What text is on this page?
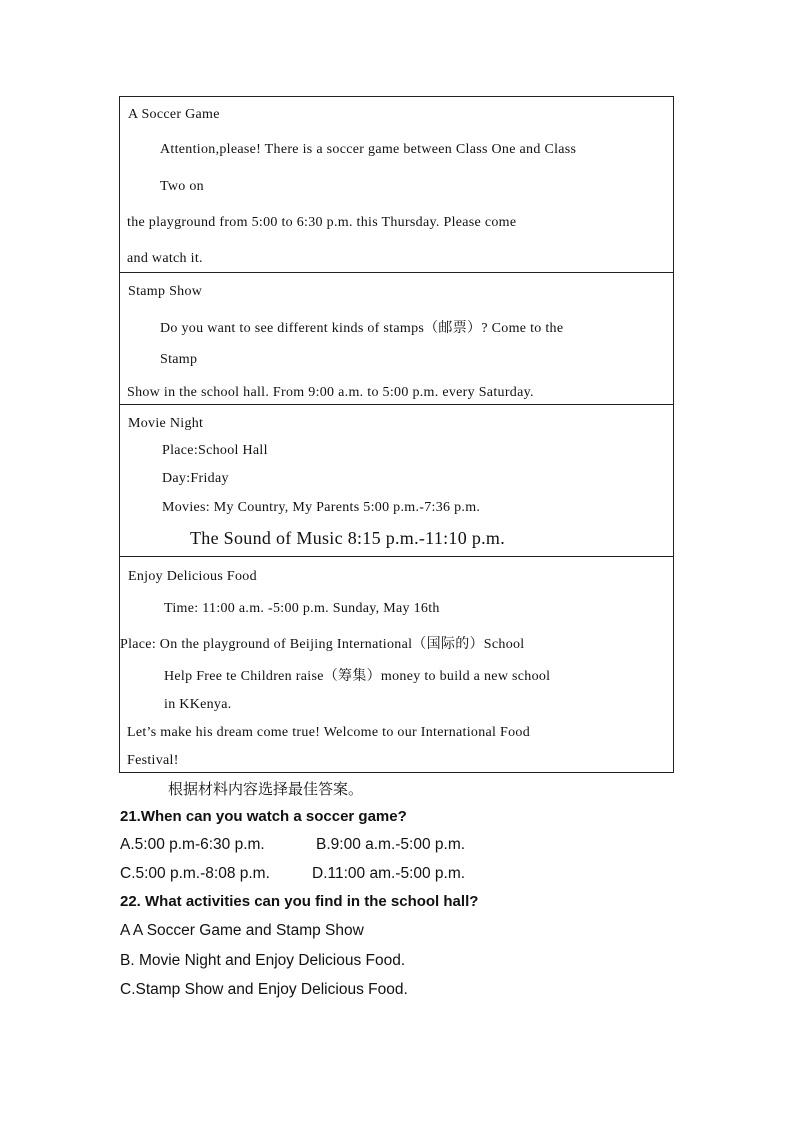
A Soccer Game
Attention,please! There is a soccer game between Class One and Class
Two on
the playground from 5:00 to 6:30 p.m. this Thursday. Please come
and watch it.
Stamp Show
Do you want to see different kinds of stamps（邮票）? Come to the
Stamp
Show in the school hall. From 9:00 a.m. to 5:00 p.m. every Saturday.
Movie Night
Place:School Hall
Day:Friday
Movies: My Country, My Parents 5:00 p.m.-7:36 p.m.
The Sound of Music 8:15 p.m.-11:10 p.m.
Enjoy Delicious Food
Time: 11:00 a.m. -5:00 p.m. Sunday, May 16th
Place: On the playground of Beijing International（国际的）School
Help Free te Children raise（筹集）money to build a new school
in KKenya.
Let’s make his dream come true! Welcome to our International Food
Festival!
根据材料内容选择最佳答案。
21.When can you watch a soccer game?
A.5:00 p.m-6:30 p.m.	B.9:00 a.m.-5:00 p.m.
C.5:00 p.m.-8:08 p.m.	D.11:00 am.-5:00 p.m.
22. What activities can you find in the school hall?
A A Soccer Game and Stamp Show
B. Movie Night and Enjoy Delicious Food.
C.Stamp Show and Enjoy Delicious Food.
